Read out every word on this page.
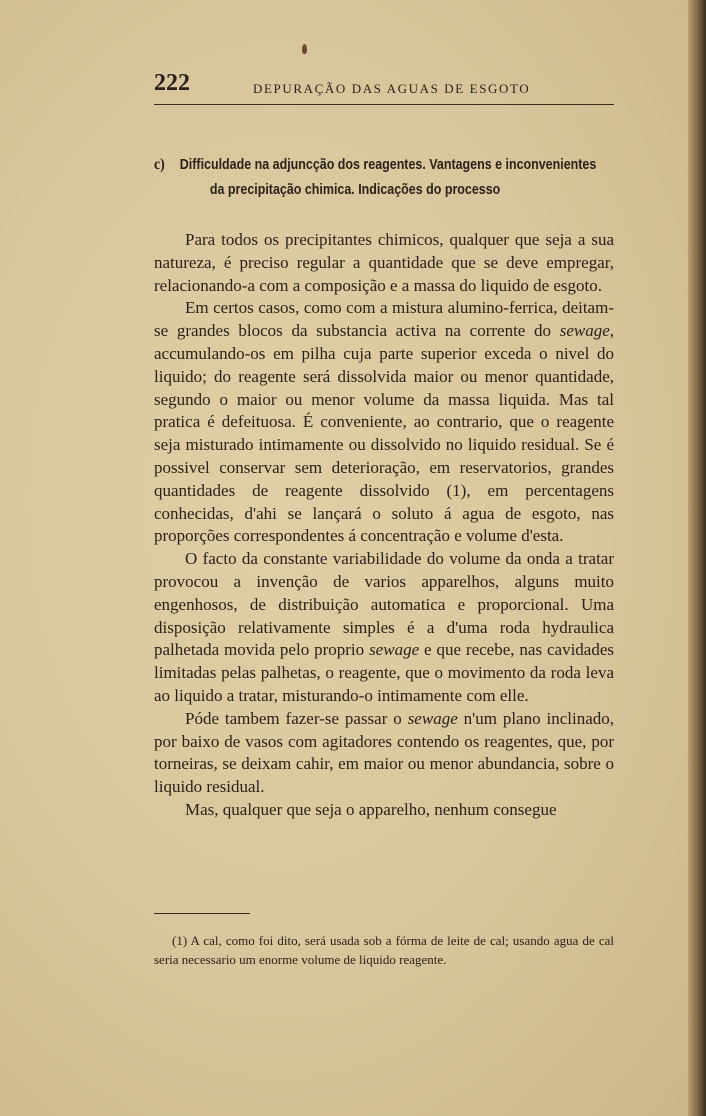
222	DEPURAÇÃO DAS AGUAS DE ESGOTO
c) Difficuldade na adjuncção dos reagentes. Vantagens e inconvenientes
da precipitação chimica. Indicações do processo

Para todos os precipitantes chimicos, qualquer que seja a sua natureza, é preciso regular a quantidade que se deve empregar, relacionando-a com a composição e a massa do liquido de esgoto.

Em certos casos, como com a mistura alumino-ferrica, deitam-se grandes blocos da substancia activa na corrente do sewage, accumulando-os em pilha cuja parte superior exceda o nivel do liquido; do reagente será dissolvida maior ou menor quantidade, segundo o maior ou menor volume da massa liquida. Mas tal pratica é defeituosa. É conveniente, ao contrario, que o reagente seja misturado intimamente ou dissolvido no liquido residual. Se é possivel conservar sem deterioração, em reservatorios, grandes quantidades de reagente dissolvido (1), em percentagens conhecidas, d'ahi se lançará o soluto á agua de esgoto, nas proporções correspondentes á concentração e volume d'esta.

O facto da constante variabilidade do volume da onda a tratar provocou a invenção de varios apparelhos, alguns muito engenhosos, de distribuição automatica e proporcional. Uma disposição relativamente simples é a d'uma roda hydraulica palhetada movida pelo proprio sewage e que recebe, nas cavidades limitadas pelas palhetas, o reagente, que o movimento da roda leva ao liquido a tratar, misturando-o intimamente com elle.

Póde tambem fazer-se passar o sewage n'um plano inclinado, por baixo de vasos com agitadores contendo os reagentes, que, por torneiras, se deixam cahir, em maior ou menor abundancia, sobre o liquido residual.

Mas, qualquer que seja o apparelho, nenhum consegue

(1) A cal, como foi dito, será usada sob a fórma de leite de cal; usando agua de cal seria necessario um enorme volume de liquido reagente.
